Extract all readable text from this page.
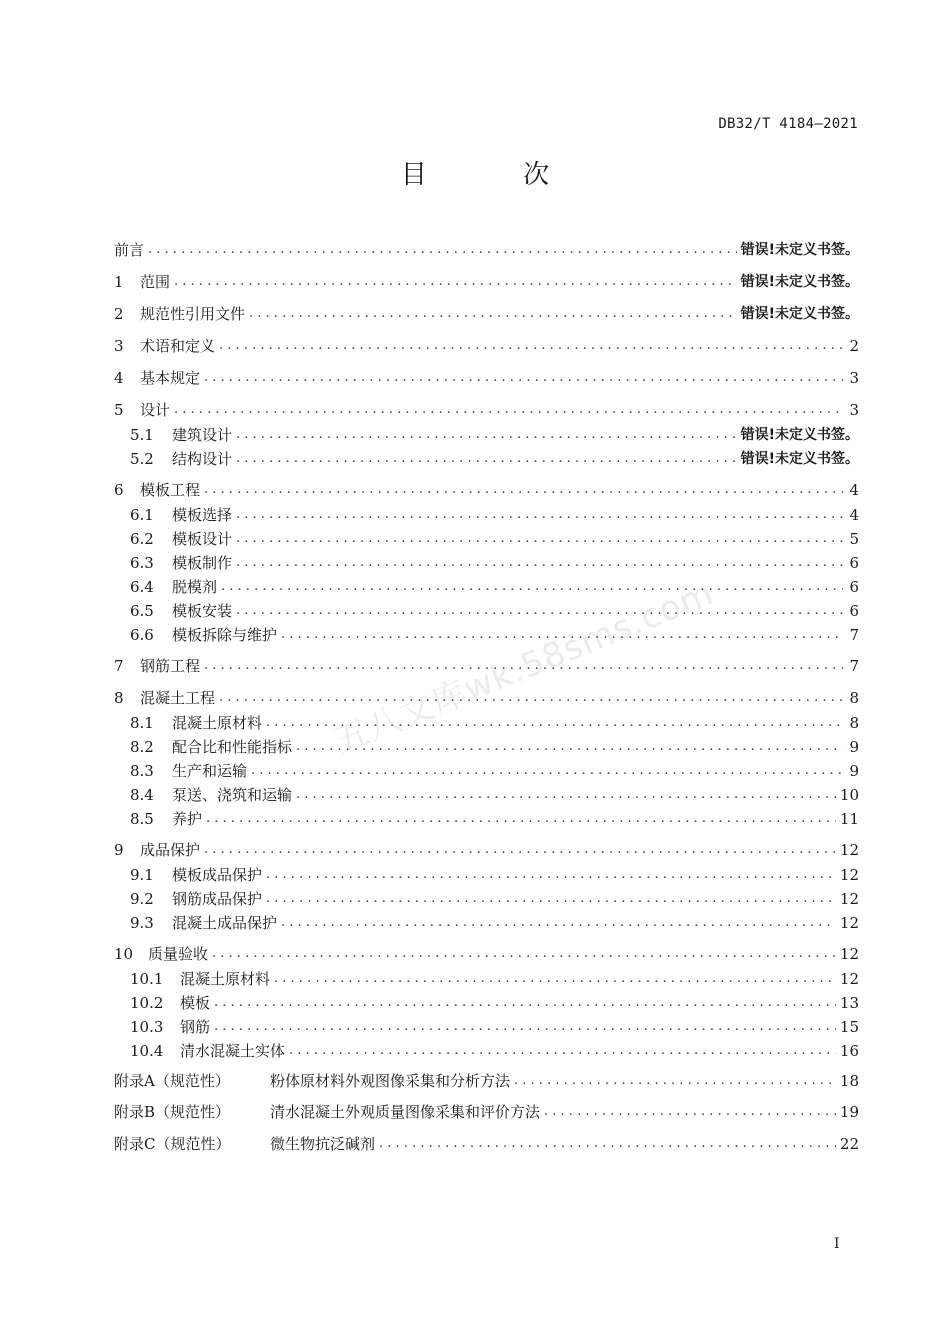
DB32/T 4184—2021
目 次
前言 . . .	错误!未定义书签。
1	范围 . . .	错误!未定义书签。
2	规范性引用文件 . . .	错误!未定义书签。
3	术语和定义 . . .	2
4	基本规定 . . .	3
5	设计 . . .	3
5.1	建筑设计 . . .	错误!未定义书签。
5.2	结构设计 . . .	错误!未定义书签。
6	模板工程 . . .	4
6.1	模板选择 . . .	4
6.2	模板设计 . . .	5
6.3	模板制作 . . .	6
6.4	脱模剂 . . .	6
6.5	模板安装 . . .	6
6.6	模板拆除与维护 . . .	7
7	钢筋工程 . . .	7
8	混凝土工程 . . .	8
8.1	混凝土原材料 . . .	8
8.2	配合比和性能指标 . . .	9
8.3	生产和运输 . . .	9
8.4	泵送、浇筑和运输 . . .	10
8.5	养护 . . .	11
9	成品保护 . . .	12
9.1	模板成品保护 . . .	12
9.2	钢筋成品保护 . . .	12
9.3	混凝土成品保护 . . .	12
10 质量验收 . . .	12
10.1	混凝土原材料 . . .	12
10.2	模板 . . .	13
10.3	钢筋 . . .	15
10.4	清水混凝土实体 . . .	16
附录A（规范性）	粉体原材料外观图像采集和分析方法 . . .	18
附录B（规范性）	清水混凝土外观质量图像采集和评价方法 . . .	19
附录C（规范性）	微生物抗泛碱剂 . . .	22
五八文库wk.58sms.com
I
